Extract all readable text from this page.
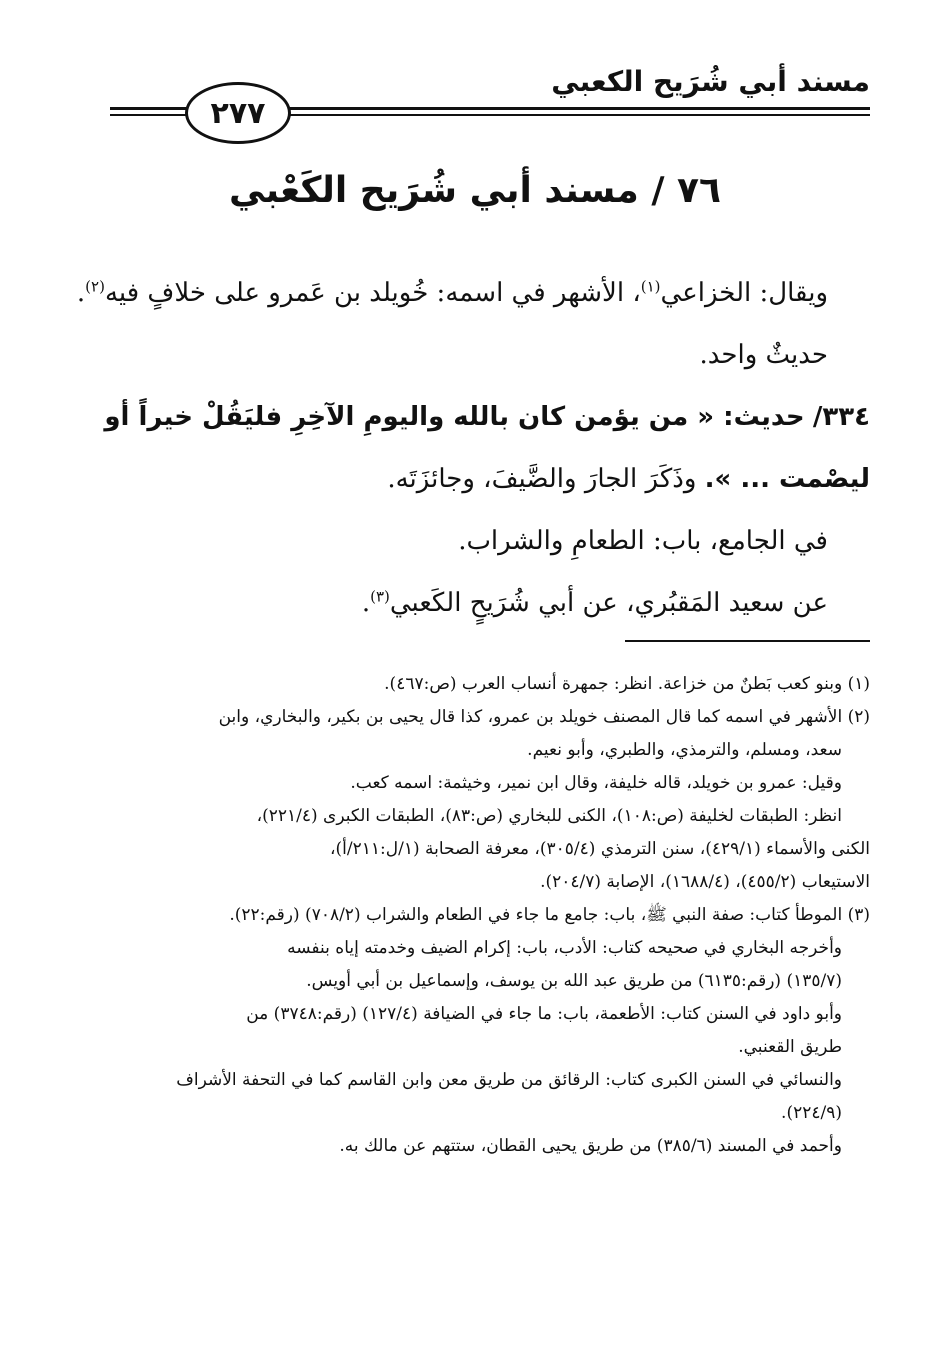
مسند أبي شُرَيح الكعبي
٢٧٧
٧٦ / مسند أبي شُرَيح الكَعْبي
ويقال: الخزاعي$^{(١)}$، الأشهر في اسمه: خُويلد بن عَمرو على خلافٍ فيه$^{(٢)}$.
حديثٌ واحد.
٣٣٤/ حديث: « من يؤمن كان بالله واليومِ الآخِرِ فليَقُلْ خيراً أو
ليصْمت ... ». وذَكَرَ الجارَ والضَّيفَ، وجائزَتَه.
في الجامع، باب: الطعامِ والشراب.
عن سعيد المَقبُري، عن أبي شُرَيحٍ الكَعبي$^{(٣)}$.
(١) وبنو كعب بَطنٌ من خزاعة. انظر: جمهرة أنساب العرب (ص:٤٦٧).
(٢) الأشهر في اسمه كما قال المصنف خويلد بن عمرو، كذا قال يحيى بن بكير، والبخاري، وابن
سعد، ومسلم، والترمذي، والطبري، وأبو نعيم.
وقيل: عمرو بن خويلد، قاله خليفة، وقال ابن نمير، وخيثمة: اسمه كعب.
انظر: الطبقات لخليفة (ص:١٠٨)، الكنى للبخاري (ص:٨٣)، الطبقات الكبرى (٢٢١/٤)،
الكنى والأسماء (٤٢٩/١)، سنن الترمذي (٣٠٥/٤)، معرفة الصحابة (١/ل:٢١١/أ)،
الاستيعاب (٤٥٥/٢)، (١٦٨٨/٤)، الإصابة (٢٠٤/٧).
(٣) الموطأ كتاب: صفة النبي ﷺ، باب: جامع ما جاء في الطعام والشراب (٧٠٨/٢) (رقم:٢٢).
وأخرجه البخاري في صحيحه كتاب: الأدب، باب: إكرام الضيف وخدمته إياه بنفسه
(١٣٥/٧) (رقم:٦١٣٥) من طريق عبد الله بن يوسف، وإسماعيل بن أبي أويس.
وأبو داود في السنن كتاب: الأطعمة، باب: ما جاء في الضيافة (١٢٧/٤) (رقم:٣٧٤٨) من
طريق القعنبي.
والنسائي في السنن الكبرى كتاب: الرقائق من طريق معن وابن القاسم كما في التحفة الأشراف
(٢٢٤/٩).
وأحمد في المسند (٣٨٥/٦) من طريق يحيى القطان، ستتهم عن مالك به.
